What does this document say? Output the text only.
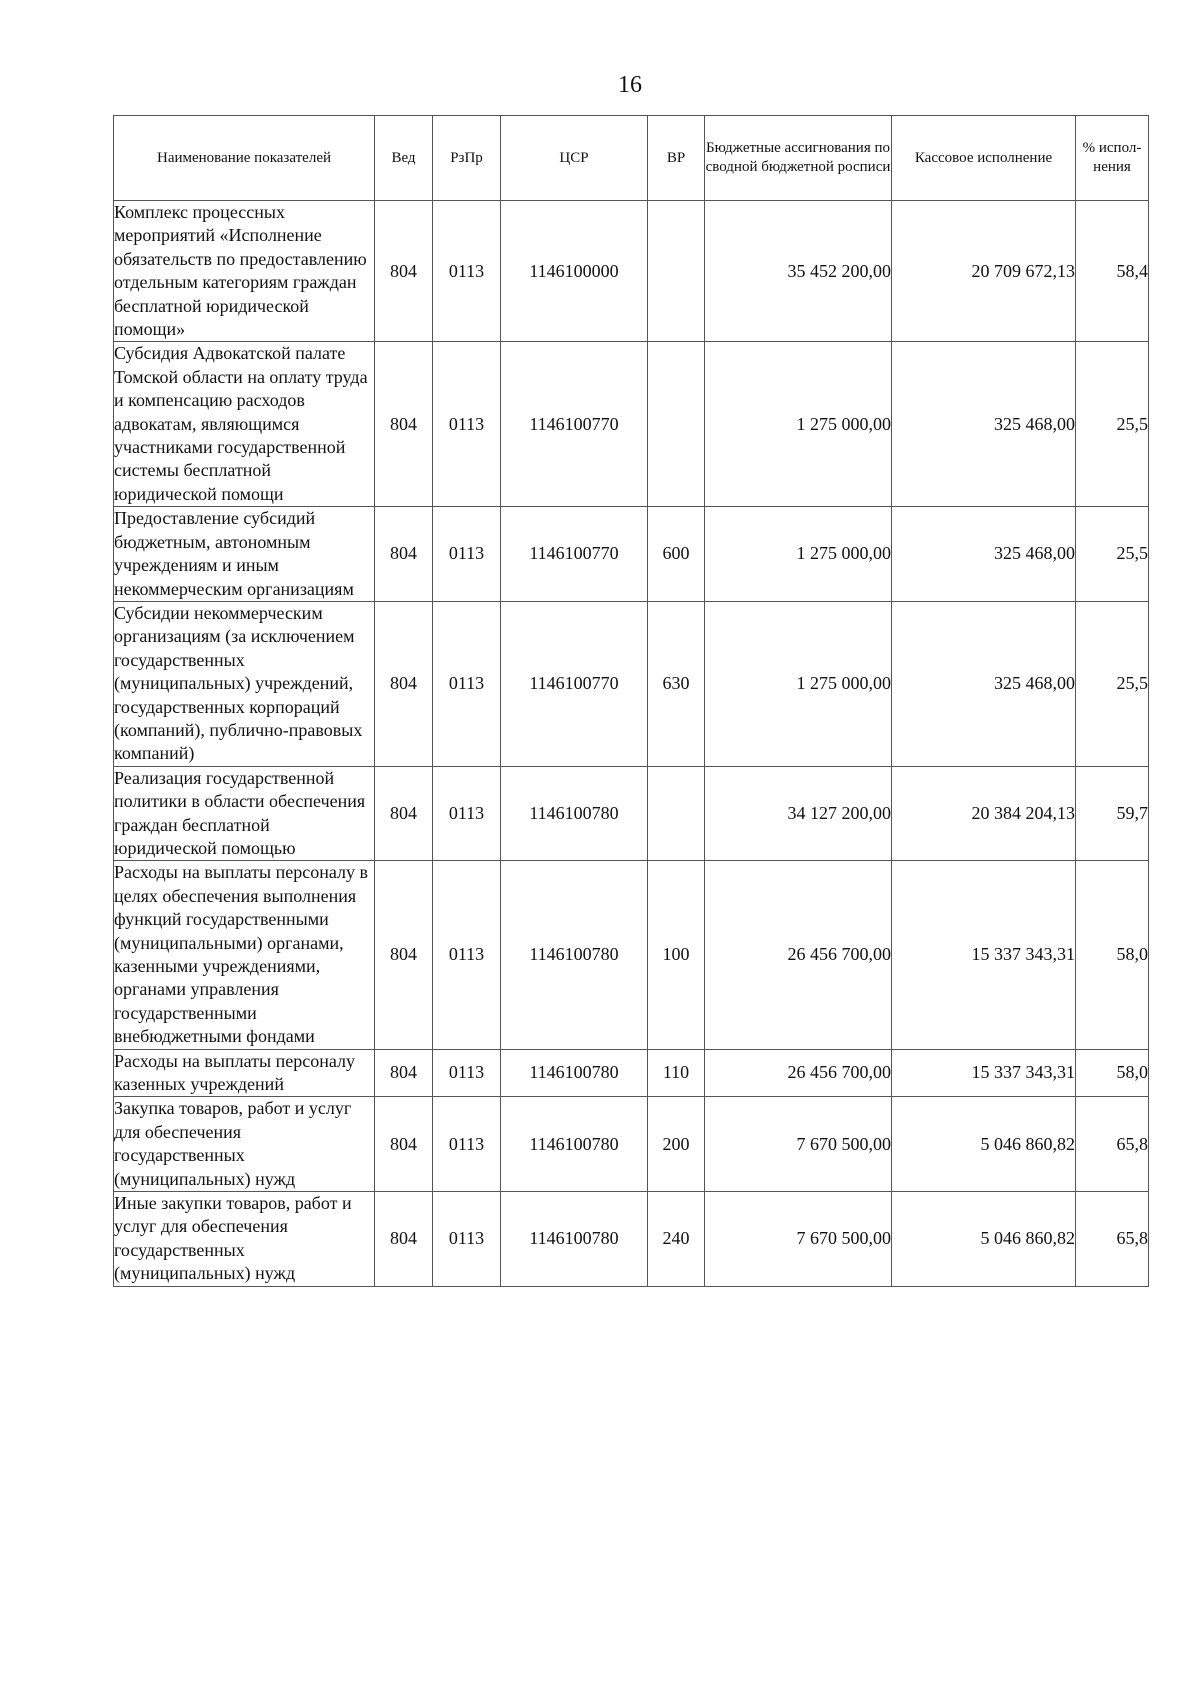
16
Наименование показателей	Вед	РзПр	ЦСР	ВР	Бюджетные ассигнования по сводной бюджетной росписи	Кассовое исполнение	% испол-нения
Комплекс процессных мероприятий «Исполнение обязательств по предоставлению отдельным категориям граждан бесплатной юридической помощи»	804	0113	1146100000		35 452 200,00	20 709 672,13	58,4
Субсидия Адвокатской палате Томской области на оплату труда и компенсацию расходов адвокатам, являющимся участниками государственной системы бесплатной юридической помощи	804	0113	1146100770		1 275 000,00	325 468,00	25,5
Предоставление субсидий бюджетным, автономным учреждениям и иным некоммерческим организациям	804	0113	1146100770	600	1 275 000,00	325 468,00	25,5
Субсидии некоммерческим организациям (за исключением государственных (муниципальных) учреждений, государственных корпораций (компаний), публично-правовых компаний)	804	0113	1146100770	630	1 275 000,00	325 468,00	25,5
Реализация государственной политики в области обеспечения граждан бесплатной юридической помощью	804	0113	1146100780		34 127 200,00	20 384 204,13	59,7
Расходы на выплаты персоналу в целях обеспечения выполнения функций государственными (муниципальными) органами, казенными учреждениями, органами управления государственными внебюджетными фондами	804	0113	1146100780	100	26 456 700,00	15 337 343,31	58,0
Расходы на выплаты персоналу казенных учреждений	804	0113	1146100780	110	26 456 700,00	15 337 343,31	58,0
Закупка товаров, работ и услуг для обеспечения государственных (муниципальных) нужд	804	0113	1146100780	200	7 670 500,00	5 046 860,82	65,8
Иные закупки товаров, работ и услуг для обеспечения государственных (муниципальных) нужд	804	0113	1146100780	240	7 670 500,00	5 046 860,82	65,8
